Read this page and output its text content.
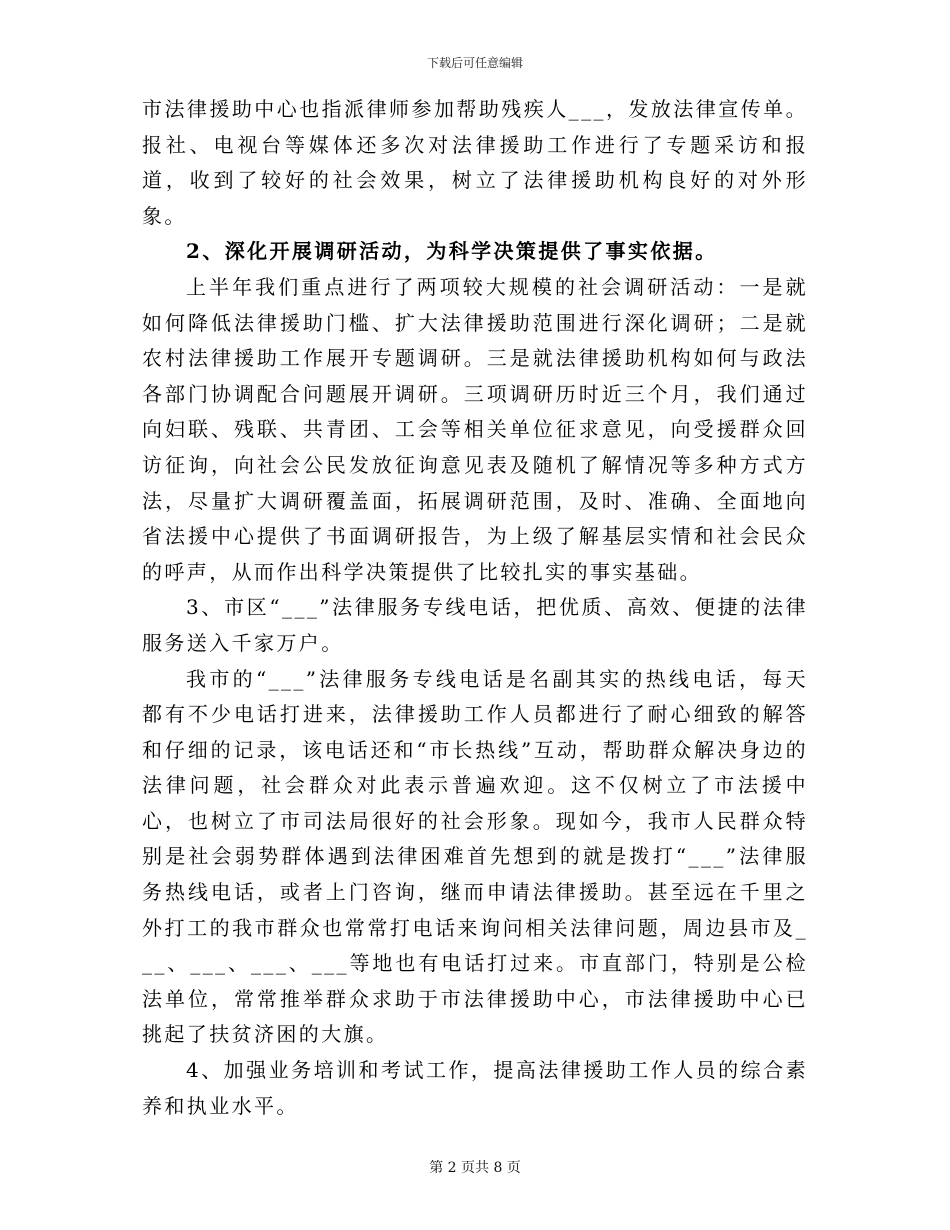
下载后可任意编辑

市法律援助中心也指派律师参加帮助残疾人___，发放法律宣传单。报社、电视台等媒体还多次对法律援助工作进行了专题采访和报道，收到了较好的社会效果，树立了法律援助机构良好的对外形象。

2、深化开展调研活动，为科学决策提供了事实依据。

上半年我们重点进行了两项较大规模的社会调研活动：一是就如何降低法律援助门槛、扩大法律援助范围进行深化调研；二是就农村法律援助工作展开专题调研。三是就法律援助机构如何与政法各部门协调配合问题展开调研。三项调研历时近三个月，我们通过向妇联、残联、共青团、工会等相关单位征求意见，向受援群众回访征询，向社会公民发放征询意见表及随机了解情况等多种方式方法，尽量扩大调研覆盖面，拓展调研范围，及时、准确、全面地向省法援中心提供了书面调研报告，为上级了解基层实情和社会民众的呼声，从而作出科学决策提供了比较扎实的事实基础。

3、市区“___”法律服务专线电话，把优质、高效、便捷的法律服务送入千家万户。

我市的“___”法律服务专线电话是名副其实的热线电话，每天都有不少电话打进来，法律援助工作人员都进行了耐心细致的解答和仔细的记录，该电话还和“市长热线”互动，帮助群众解决身边的法律问题，社会群众对此表示普遍欢迎。这不仅树立了市法援中心，也树立了市司法局很好的社会形象。现如今，我市人民群众特别是社会弱势群体遇到法律困难首先想到的就是拨打“___”法律服务热线电话，或者上门咨询，继而申请法律援助。甚至远在千里之外打工的我市群众也常常打电话来询问相关法律问题，周边县市及___、___、___、___等地也有电话打过来。市直部门，特别是公检法单位，常常推举群众求助于市法律援助中心，市法律援助中心已挑起了扶贫济困的大旗。

4、加强业务培训和考试工作，提高法律援助工作人员的综合素养和执业水平。

第 2 页共 8 页
